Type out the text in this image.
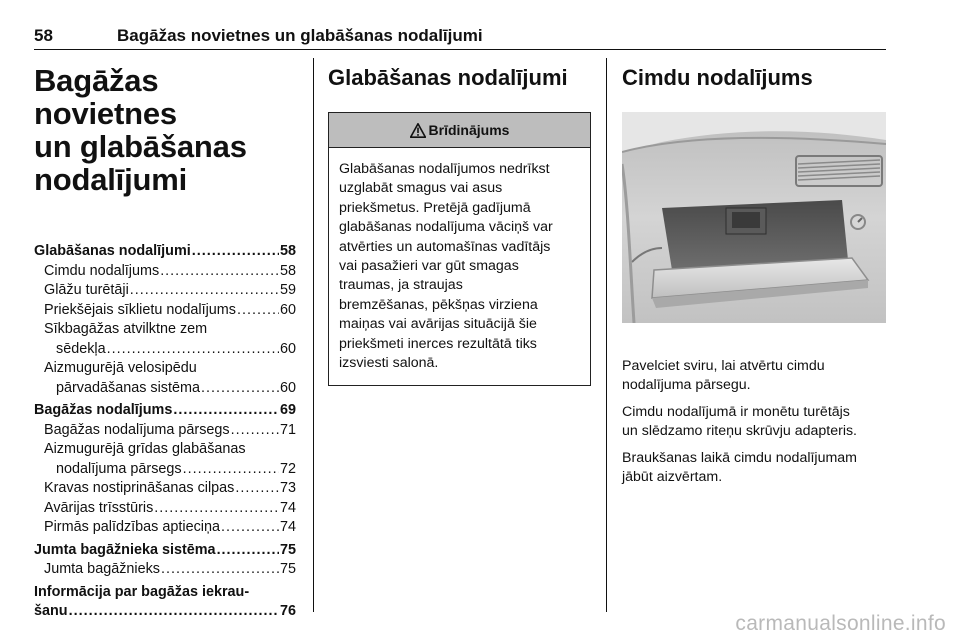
58	Bagāžas novietnes un glabāšanas nodalījumi
Bagāžas novietnes
un glabāšanas
nodalījumi
Glabāšanas nodalījumi .....	58
Cimdu nodalījums .....	58
Glāžu turētāji .....	59
Priekšējais sīklietu nodalījums .....	60
Sīkbagāžas atvilktne zem
sēdekļa .....	60
Aizmugurējā velosipēdu
pārvadāšanas sistēma .....	60
Bagāžas nodalījums .....	69
Bagāžas nodalījuma pārsegs .....	71
Aizmugurējā grīdas glabāšanas
nodalījuma pārsegs .....	72
Kravas nostiprināšanas cilpas .....	73
Avārijas trīsstūris .....	74
Pirmās palīdzības aptieciņa .....	74
Jumta bagāžnieka sistēma .....	75
Jumta bagāžnieks .....	75
Informācija par bagāžas iekrau-
šanu .....	76
Glabāšanas nodalījumi
Brīdinājums
Glabāšanas nodalījumos nedrīkst
uzglabāt smagus vai asus
priekšmetus. Pretējā gadījumā
glabāšanas nodalījuma vāciņš var
atvērties un automašīnas vadītājs
vai pasažieri var gūt smagas
traumas, ja straujas
bremzēšanas, pēkšņas virziena
maiņas vai avārijas situācijā šie
priekšmeti inerces rezultātā tiks
izsviesti salonā.
Cimdu nodalījums
Pavelciet sviru, lai atvērtu cimdu
nodalījuma pārsegu.
Cimdu nodalījumā ir monētu turētājs
un slēdzamo riteņu skrūvju adapteris.
Braukšanas laikā cimdu nodalījumam
jābūt aizvērtam.
carmanualsonline.info
